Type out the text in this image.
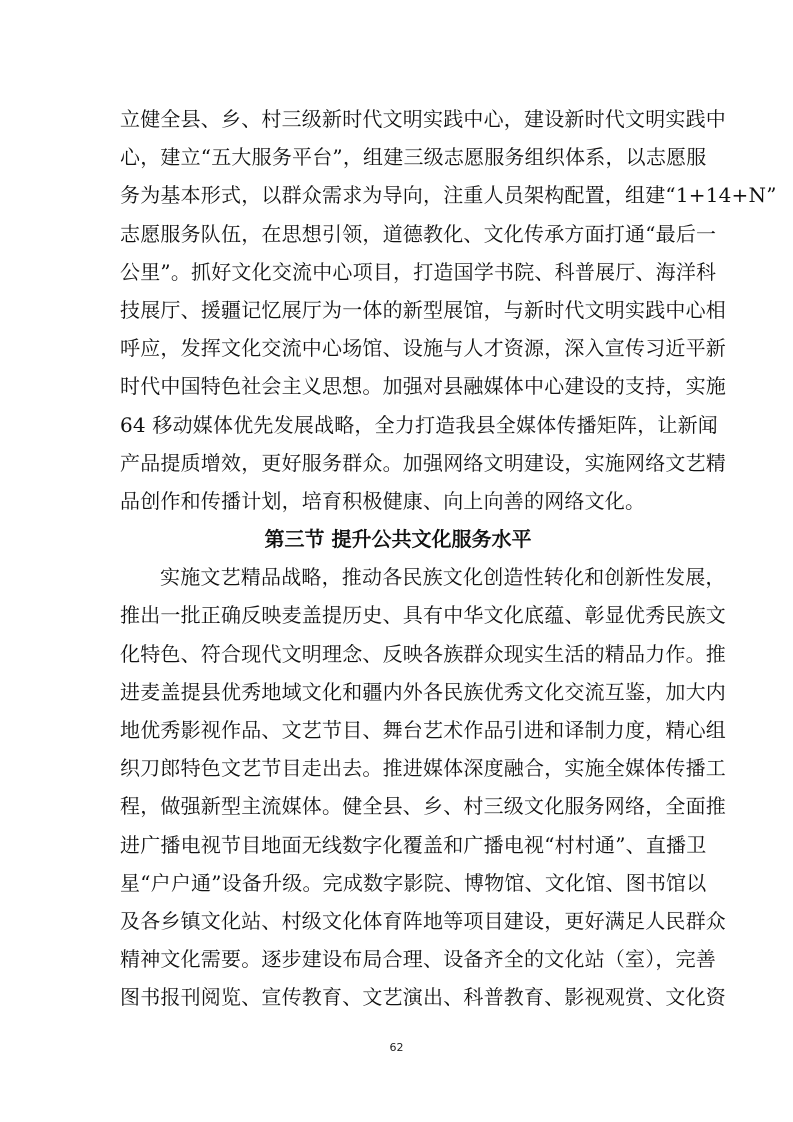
立健全县、乡、村三级新时代文明实践中心，建设新时代文明实践中
心，建立“五大服务平台”，组建三级志愿服务组织体系，以志愿服
务为基本形式，以群众需求为导向，注重人员架构配置，组建“1+14+N”
志愿服务队伍，在思想引领，道德教化、文化传承方面打通“最后一
公里”。抓好文化交流中心项目，打造国学书院、科普展厅、海洋科
技展厅、援疆记忆展厅为一体的新型展馆，与新时代文明实践中心相
呼应，发挥文化交流中心场馆、设施与人才资源，深入宣传习近平新
时代中国特色社会主义思想。加强对县融媒体中心建设的支持，实施
64 移动媒体优先发展战略，全力打造我县全媒体传播矩阵，让新闻
产品提质增效，更好服务群众。加强网络文明建设，实施网络文艺精
品创作和传播计划，培育积极健康、向上向善的网络文化。
第三节 提升公共文化服务水平
实施文艺精品战略，推动各民族文化创造性转化和创新性发展，
推出一批正确反映麦盖提历史、具有中华文化底蕴、彰显优秀民族文
化特色、符合现代文明理念、反映各族群众现实生活的精品力作。推
进麦盖提县优秀地域文化和疆内外各民族优秀文化交流互鉴，加大内
地优秀影视作品、文艺节目、舞台艺术作品引进和译制力度，精心组
织刀郎特色文艺节目走出去。推进媒体深度融合，实施全媒体传播工
程，做强新型主流媒体。健全县、乡、村三级文化服务网络，全面推
进广播电视节目地面无线数字化覆盖和广播电视“村村通”、直播卫
星“户户通”设备升级。完成数字影院、博物馆、文化馆、图书馆以
及各乡镇文化站、村级文化体育阵地等项目建设，更好满足人民群众
精神文化需要。逐步建设布局合理、设备齐全的文化站（室），完善
图书报刊阅览、宣传教育、文艺演出、科普教育、影视观赏、文化资
62
